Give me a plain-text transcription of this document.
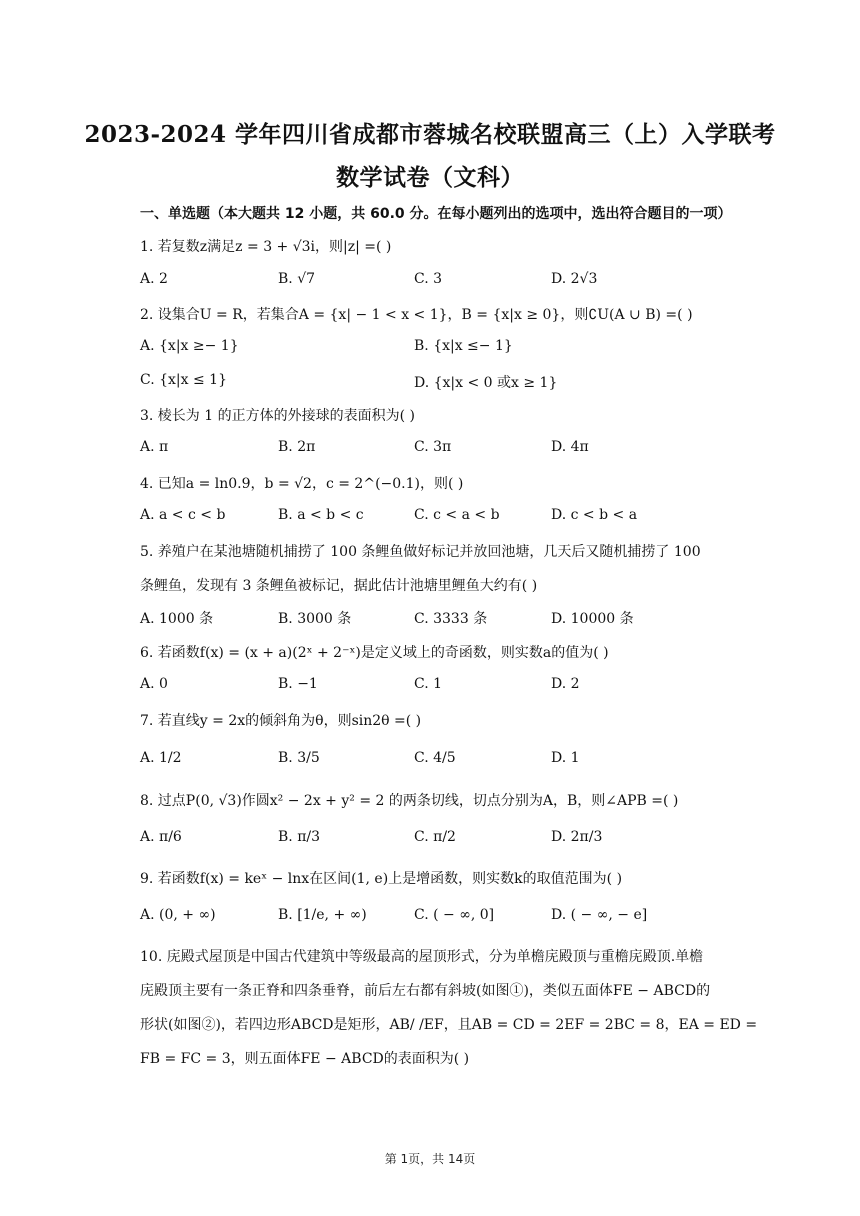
2023-2024 学年四川省成都市蓉城名校联盟高三（上）入学联考
数学试卷（文科）
一、单选题（本大题共 12 小题，共 60.0 分。在每小题列出的选项中，选出符合题目的一项）
1. 若复数z满足z = 3 + √3i，则|z| =( )
A. 2	B. √7	C. 3	D. 2√3
2. 设集合U = R，若集合A = {x| − 1 < x < 1}，B = {x|x ≥ 0}，则∁U(A ∪ B) =( )
A. {x|x ≥− 1}	B. {x|x ≤− 1}
C. {x|x ≤ 1}	D. {x|x < 0 或x ≥ 1}
3. 棱长为 1 的正方体的外接球的表面积为( )
A. π	B. 2π	C. 3π	D. 4π
4. 已知a = ln0.9，b = √2，c = 2^(−0.1)，则( )
A. a < c < b	B. a < b < c	C. c < a < b	D. c < b < a
5. 养殖户在某池塘随机捕捞了 100 条鲤鱼做好标记并放回池塘，几天后又随机捕捞了 100
条鲤鱼，发现有 3 条鲤鱼被标记，据此估计池塘里鲤鱼大约有( )
A. 1000 条	B. 3000 条	C. 3333 条	D. 10000 条
6. 若函数f(x) = (x + a)(2ˣ + 2⁻ˣ)是定义域上的奇函数，则实数a的值为( )
A. 0	B. −1	C. 1	D. 2
7. 若直线y = 2x的倾斜角为θ，则sin2θ =( )
A. 1/2	B. 3/5	C. 4/5	D. 1
8. 过点P(0, √3)作圆x² − 2x + y² = 2 的两条切线，切点分别为A，B，则∠APB =( )
A. π/6	B. π/3	C. π/2	D. 2π/3
9. 若函数f(x) = keˣ − lnx在区间(1, e)上是增函数，则实数k的取值范围为( )
A. (0, + ∞)	B. [1/e, + ∞)	C. ( − ∞, 0]	D. ( − ∞, − e]
10. 庑殿式屋顶是中国古代建筑中等级最高的屋顶形式，分为单檐庑殿顶与重檐庑殿顶.单檐
庑殿顶主要有一条正脊和四条垂脊，前后左右都有斜坡(如图①)，类似五面体FE − ABCD的
形状(如图②)，若四边形ABCD是矩形，AB/ /EF，且AB = CD = 2EF = 2BC = 8，EA = ED =
FB = FC = 3，则五面体FE − ABCD的表面积为( )
第 1页，共 14页
